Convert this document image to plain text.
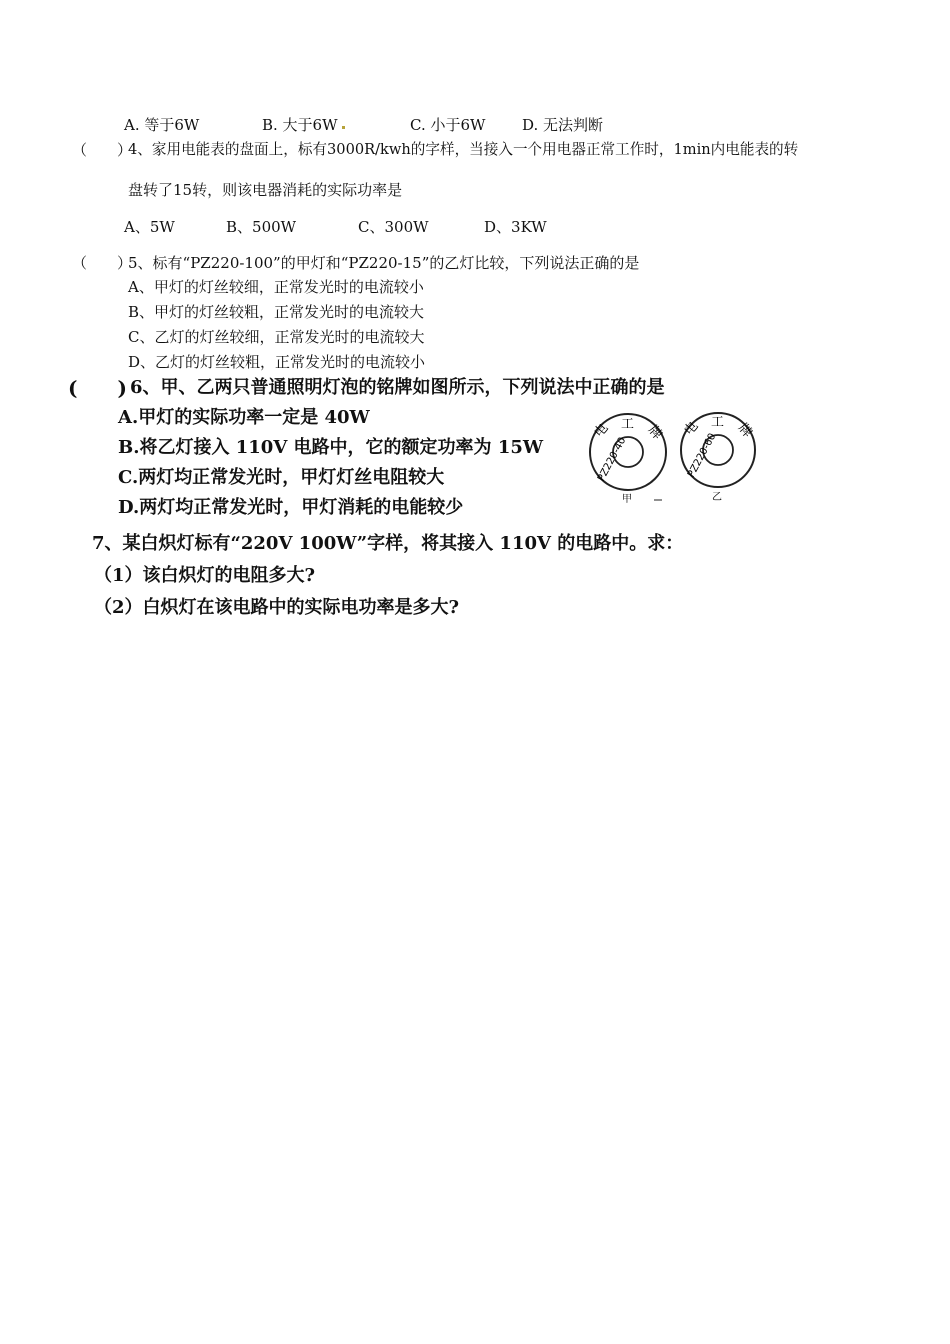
A. 等于6W	B. 大于6W	C. 小于6W D. 无法判断
（　　）
4、家用电能表的盘面上，标有3000R/kwh的字样，当接入一个用电器正常工作时，1min内电能表的转
盘转了15转，则该电器消耗的实际功率是
A、5W	B、500W	C、300W	D、3KW
（　　）
5、标有“PZ220-100”的甲灯和“PZ220-15”的乙灯比较，下列说法正确的是
A、甲灯的灯丝较细，正常发光时的电流较小
B、甲灯的灯丝较粗，正常发光时的电流较大
C、乙灯的灯丝较细，正常发光时的电流较大
D、乙灯的灯丝较粗，正常发光时的电流较小
(　　) 6、甲、乙两只普通照明灯泡的铭牌如图所示，下列说法中正确的是
A.甲灯的实际功率一定是 40W
B.将乙灯接入 110V 电路中，它的额定功率为 15W
C.两灯均正常发光时，甲灯灯丝电阻较大
D.两灯均正常发光时，甲灯消耗的电能较少
电 工 牌
PZ220-40
甲
电 工 牌
PZ220-60
乙
7、某白炽灯标有“220V 100W”字样，将其接入 110V 的电路中。求：
（1）该白炽灯的电阻多大?
（2）白炽灯在该电路中的实际电功率是多大?
